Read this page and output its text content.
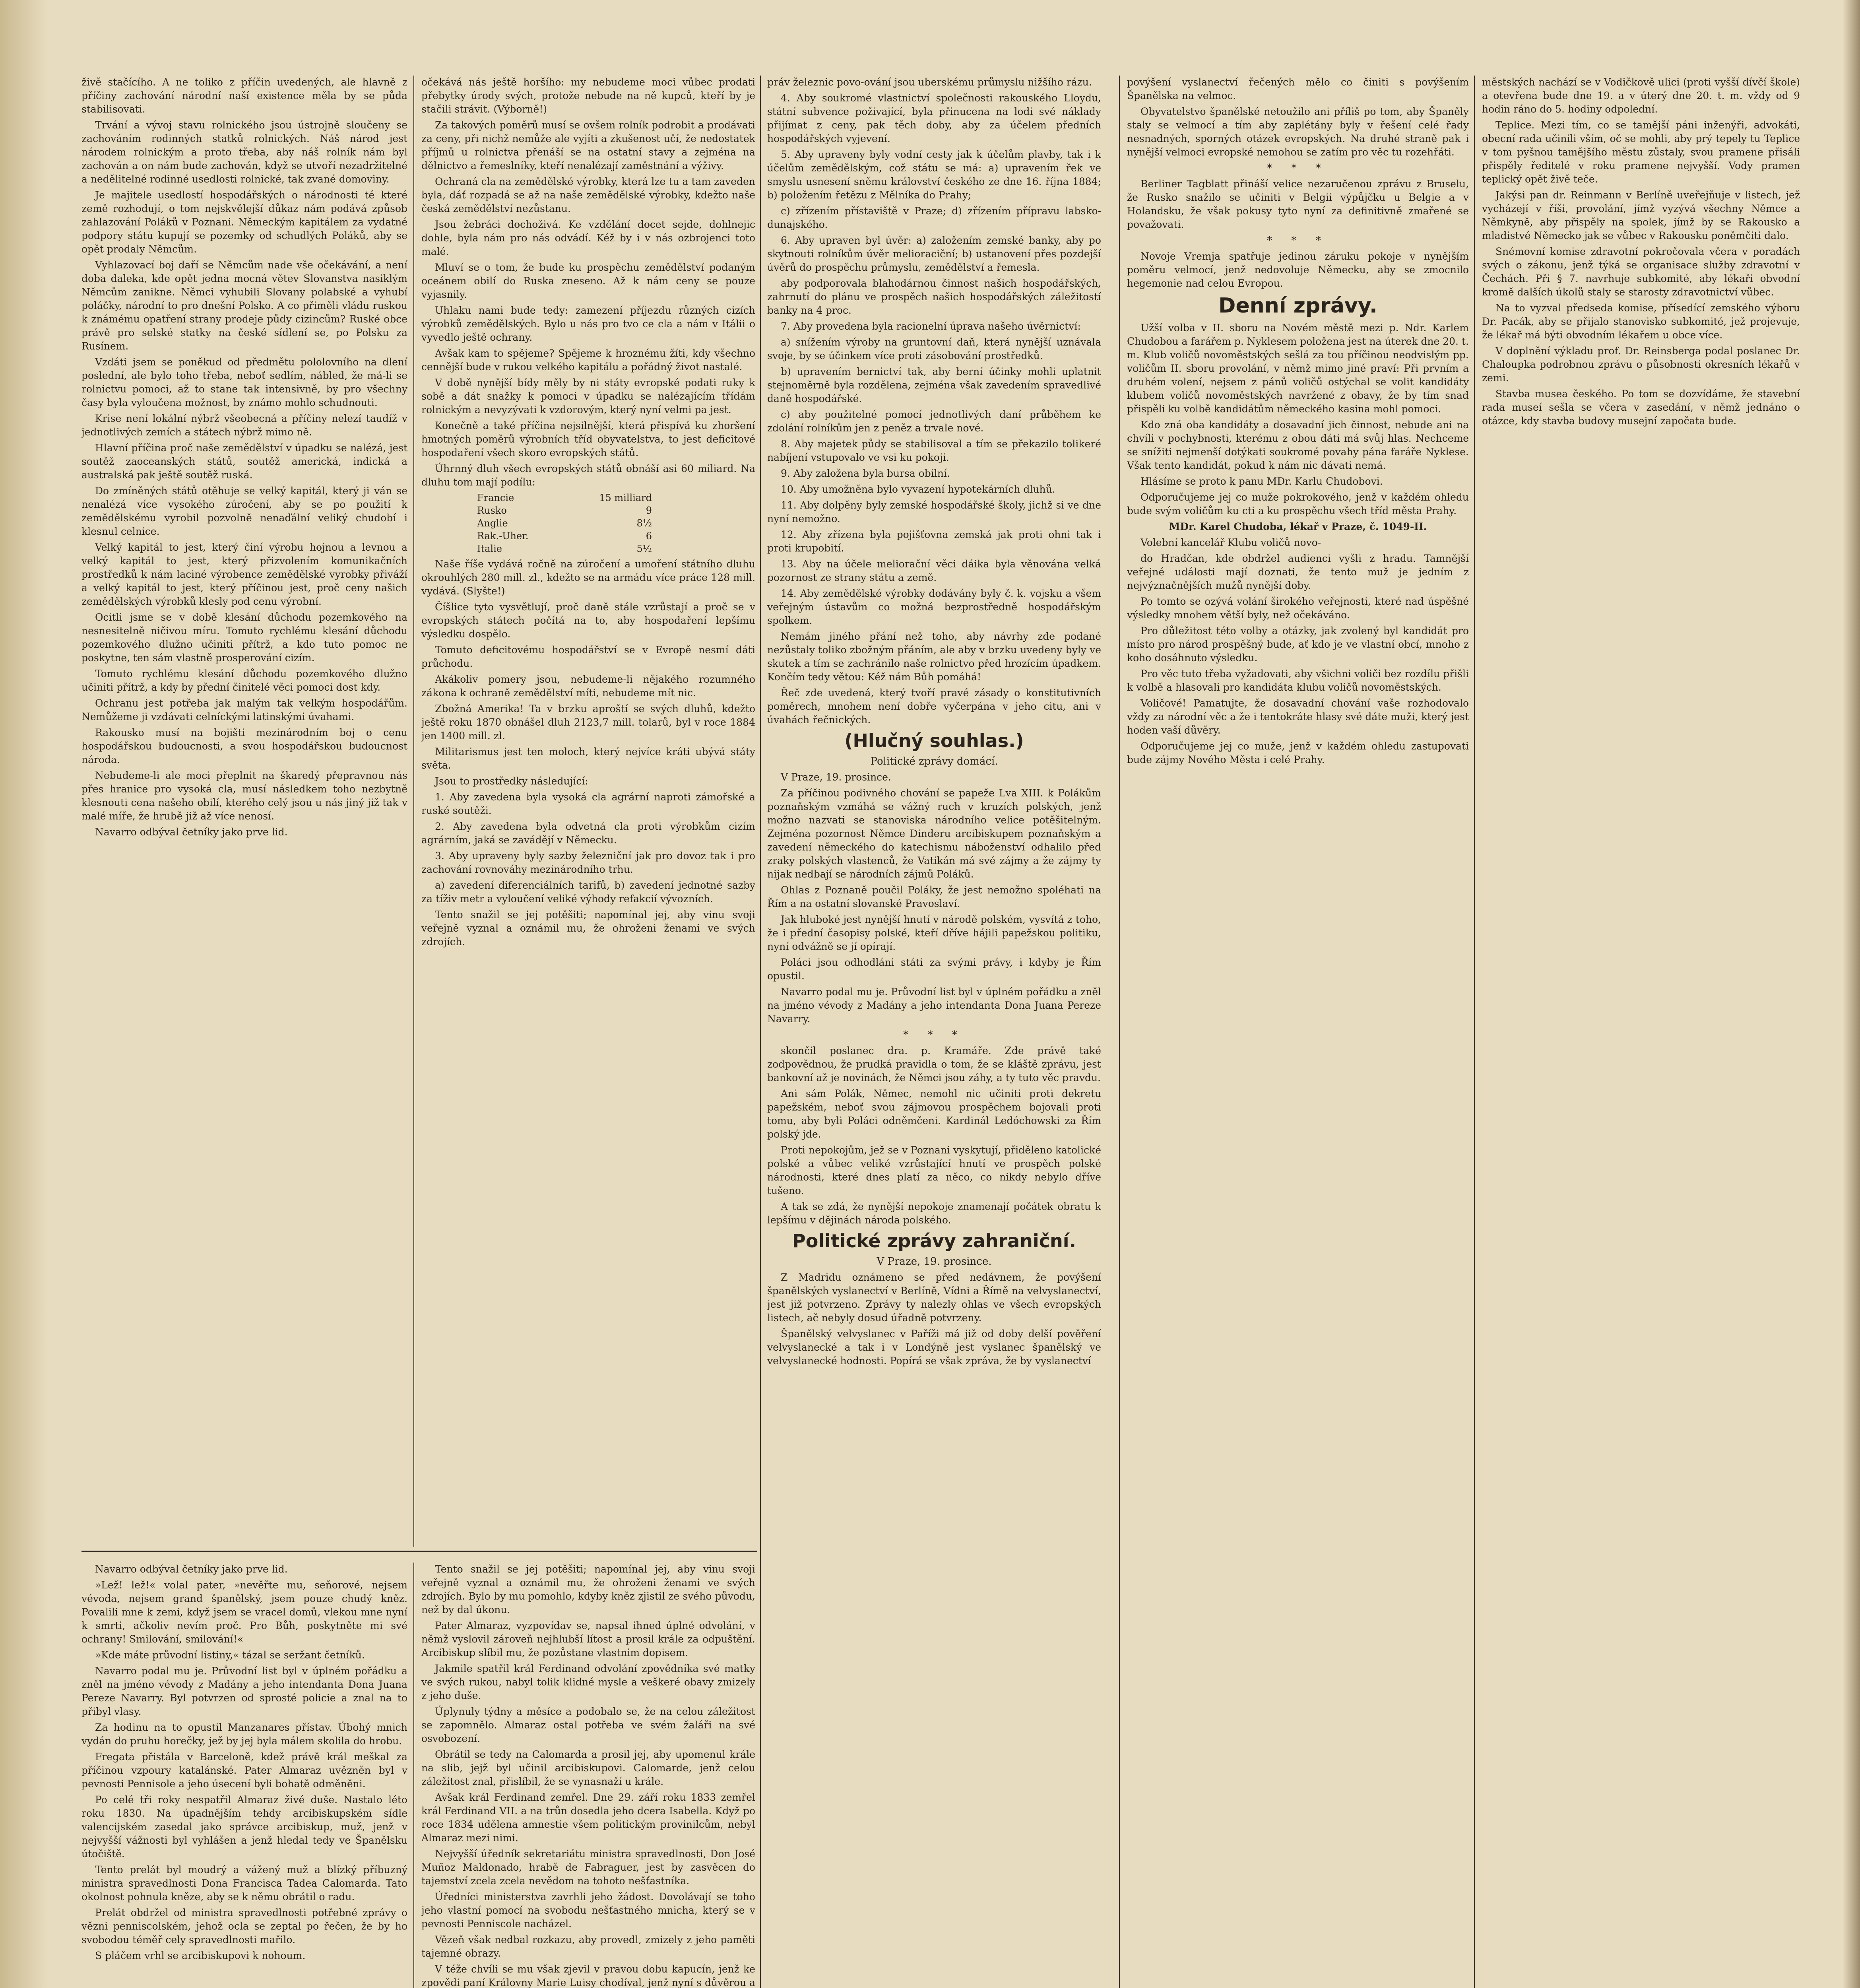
živě stačícího. A ne toliko z příčin uvedených, ale hlavně z příčiny zachování národní naší existence měla by se půda stabilisovati.

Trvání a vývoj stavu rolnického jsou ústrojně sloučeny se zachováním rodinných statků rolnických. Náš národ jest národem rolnickým a proto třeba, aby náš rolník nám byl zachován a on nám bude zachován, když se utvoří nezadržitelné a nedělitelné rodinné usedlosti rolnické, tak zvané domoviny.

Je majitele usedlostí hospodářských o národnosti té které země rozhodují, o tom nejskvělejší důkaz nám podává způsob zahlazování Poláků v Poznani. Německým kapitálem za vydatné podpory státu kupují se pozemky od schudlých Poláků, aby se opět prodaly Němcům.

Vyhlazovací boj daří se Němcům nade vše očekávání, a není doba daleka, kde opět jedna mocná větev Slovanstva nasiklým Němcům zanikne. Němci vyhubili Slovany polabské a vyhubí poláčky, národní to pro dnešní Polsko. A co přiměli vládu ruskou k známému opatření strany prodeje půdy cizincům? Ruské obce právě pro selské statky na české sídlení se, po Polsku za Rusínem.

Vzdáti jsem se poněkud od předmětu pololovního na dlení poslední, ale bylo toho třeba, neboť sedlím, nábled, že má-li se rolnictvu pomoci, až to stane tak intensivně, by pro všechny časy byla vyloučena možnost, by známo mohlo schudnouti.

Krise není lokální nýbrž všeobecná a příčiny nelezí taudíž v jednotlivých zemích a státech nýbrž mimo ně.

Hlavní příčina proč naše zemědělství v úpadku se nalézá, jest soutěž zaoceanských států, soutěž americká, indická a australská pak ještě soutěž ruská.

Do zmíněných států otěhuje se velký kapitál, který ji ván se nenalézá více vysokého zúročení, aby se po použití k zemědělskému vyrobil pozvolně nenaďální veliký chudobí i klesnul celnice.

Velký kapitál to jest, který činí výrobu hojnou a levnou a velký kapitál to jest, který přizvolením komunikačních prostředků k nám laciné výrobence zemědělské vyrobky přiváží a velký kapitál to jest, který příčinou jest, proč ceny našich zemědělských výrobků klesly pod cenu výrobní.

Ocitli jsme se v době klesání důchodu pozemkového na nesnesitelně ničivou míru. Tomuto rychlému klesání důchodu pozemkového dlužno učiniti přítrž, a kdo tuto pomoc ne poskytne, ten sám vlastně prosperování cizím.

Tomuto rychlému klesání důchodu pozemkového dlužno učiniti přítrž, a kdy by přední činitelé věci pomoci dost kdy.

Ochranu jest potřeba jak malým tak velkým hospodářům. Nemůžeme ji vzdávati celníckými latinskými úvahami.

Rakousko musí na bojišti mezinárodním boj o cenu hospodářskou budoucnosti, a svou hospodářskou budoucnost národa.

Nebudeme-li ale moci přeplnit na škaredý přepravnou nás přes hranice pro vysoká cla, musí následkem toho nezbytně klesnouti cena našeho obilí, kterého celý jsou u nás jiný již tak v malé míře, že hrubě již až více nenosí.

Navarro odbýval četníky jako prve lid.

očekává nás ještě horšího: my nebudeme moci vůbec prodati přebytky úrody svých, protože nebude na ně kupců, kteří by je stačili strávit. (Výborně!)

Za takových poměrů musí se ovšem rolník podrobit a prodávati za ceny, při nichž nemůže ale vyjíti a zkušenost učí, že nedostatek příjmů u rolnictva přenáší se na ostatní stavy a zejména na dělnictvo a řemeslníky, kteří nenalézají zaměstnání a výživy.

Ochraná cla na zemědělské výrobky, která lze tu a tam zaveden byla, dáť rozpadá se až na naše zemědělské výrobky, kdežto naše česká zemědělství nezůstanu.

Jsou žebráci dochoživá. Ke vzdělání docet sejde, dohlnejic dohle, byla nám pro nás odvádí. Kéž by i v nás ozbrojenci toto malé.

Mluví se o tom, že bude ku prospěchu zemědělství podaným oceánem obilí do Ruska zneseno. Až k nám ceny se pouze vyjasnily.

Uhlaku nami bude tedy: zamezení příjezdu různých cizích výrobků zemědělských. Bylo u nás pro tvo ce cla a nám v Itálii o vyvedlo ještě ochrany.

Avšak kam to spějeme? Spějeme k hroznému žíti, kdy všechno cennější bude v rukou velkého kapitálu a pořádný život nastalé.

V době nynější bídy měly by ni státy evropské podati ruky k sobě a dát snažky k pomoci v úpadku se nalézajícím třídám rolnickým a nevyzývati k vzdorovým, který nyní velmi pa jest.

Konečně a také příčina nejsilnější, která přispívá ku zhoršení hmotných poměrů výrobních tříd obyvatelstva, to jest deficitové hospodaření všech skoro evropských států.

Úhrnný dluh všech evropských států obnáší asi 60 miliard. Na dluhu tom mají podílu:

Francie	15 milliard
Rusko	9
Anglie	8½
Rak.-Uher.	6
Italie	5½

Naše říše vydává ročně na zúročení a umoření státního dluhu okrouhlých 280 mill. zl., kdežto se na armádu více práce 128 mill. vydává. (Slyšte!)

Číšlice tyto vysvětlují, proč daně stále vzrůstají a proč se v evropských státech počítá na to, aby hospodaření lepšímu výsledku dospělo.

Tomuto deficitovému hospodářství se v Evropě nesmí dáti průchodu.

Akákoliv pomery jsou, nebudeme-li nějakého rozumného zákona k ochraně zemědělství míti, nebudeme mít nic.

Zbožná Amerika! Ta v brzku aproští se svých dluhů, kdežto ještě roku 1870 obnášel dluh 2123,7 mill. tolarů, byl v roce 1884 jen 1400 mill. zl.

Militarismus jest ten moloch, který nejvíce kráti ubývá státy světa.

Jsou to prostředky následující:

1. Aby zavedena byla vysoká cla agrární naproti zámořské a ruské soutěži.

2. Aby zavedena byla odvetná cla proti výrobkům cizím agrárním, jaká se zavádějí v Německu.

3. Aby upraveny byly sazby železniční jak pro dovoz tak i pro zachování rovnováhy mezinárodního trhu.

a) zavedení diferenciálních tarifů, b) zavedení jednotné sazby za tíživ metr a vyloučení veliké výhody refakcií vývozních.

Tento snažil se jej potěšiti; napomínal jej, aby vinu svoji veřejně vyznal a oznámil mu, že ohroženi ženami ve svých zdrojích.

práv železnic povo-ování jsou uberskému průmyslu nižšího rázu.

4. Aby soukromé vlastnictví společnosti rakouského Lloydu, státní subvence poživající, byla přinucena na lodi své náklady přijímat z ceny, pak těch doby, aby za účelem předních hospodářských vyjevení.

5. Aby upraveny byly vodní cesty jak k účelům plavby, tak i k účelům zemědělským, což státu se má: a) upravením řek ve smyslu usnesení sněmu království českého ze dne 16. října 1884; b) položením řetězu z Mělníka do Prahy;

c) zřízením přístaviště v Praze; d) zřízením přípravu labsko-dunajského.

6. Aby upraven byl úvěr: a) založením zemské banky, aby po skytnouti rolníkům úvěr melioraciční; b) ustanovení přes pozdejší úvěrů do prospěchu průmyslu, zemědělství a řemesla.

aby podporovala blahodárnou činnost našich hospodářských, zahrnutí do plánu ve prospěch našich hospodářských záležitostí banky na 4 proc.

7. Aby provedena byla racionelní úprava našeho úvěrnictví:

a) snížením výroby na gruntovní daň, která nynější uznávala svoje, by se účinkem více proti zásobování prostředků.

b) upravením bernictví tak, aby berní účinky mohli uplatnit stejnoměrně byla rozdělena, zejména však zavedením spravedlivé daně hospodářské.

c) aby použitelné pomocí jednotlivých daní průběhem ke zdolání rolníkům jen z peněz a trvale nové.

8. Aby majetek půdy se stabilisoval a tím se překazilo tolikeré nabíjení vstupovalo ve vsi ku pokoji.

9. Aby založena byla bursa obilní.

10. Aby umožněna bylo vyvazení hypotekárních dluhů.

11. Aby dolpěny byly zemské hospodářské školy, jichž si ve dne nyní nemožno.

12. Aby zřízena byla pojišťovna zemská jak proti ohni tak i proti krupobití.

13. Aby na účele meliorační věci dáika byla věnována velká pozornost ze strany státu a země.

14. Aby zemědělské výrobky dodávány byly č. k. vojsku a všem veřejným ústavům co možná bezprostředně hospodářským spolkem.

Nemám jiného přání než toho, aby návrhy zde podané nezůstaly toliko zbožným přáním, ale aby v brzku uvedeny byly ve skutek a tím se zachránilo naše rolnictvo před hrozícím úpadkem. Končím tedy větou: Kéž nám Bůh pomáhá!

Řeč zde uvedená, který tvoří pravé zásady o konstitutivních poměrech, mnohem není dobře vyčerpána v jeho citu, ani v úvahách řečnických.

(Hlučný souhlas.)

Politické zprávy domácí.

V Praze, 19. prosince.

Za příčinou podivného chování se papeže Lva XIII. k Polákům poznaňským vzmáhá se vážný ruch v kruzích polských, jenž možno nazvati se stanoviska národního velice potěšitelným. Zejména pozornost Němce Dinderu arcibiskupem poznaňským a zavedení německého do katechismu náboženství odhalilo před zraky polských vlastenců, že Vatikán má své zájmy a že zájmy ty nijak nedbají se národních zájmů Poláků.

Ohlas z Poznaně poučil Poláky, že jest nemožno spoléhati na Řím a na ostatní slovanské Pravoslaví.

Jak hluboké jest nynější hnutí v národě polském, vysvítá z toho, že i přední časopisy polské, kteří dříve hájili papežskou politiku, nyní odvážně se jí opírají.

Poláci jsou odhodláni státi za svými právy, i kdyby je Řím opustil.

Navarro podal mu je. Průvodní list byl v úplném pořádku a zněl na jméno vévody z Madány a jeho intendanta Dona Juana Pereze Navarry.

* * *

skončil poslanec dra. p. Kramáře. Zde právě také zodpovědnou, že prudká pravidla o tom, že se kláště zprávu, jest bankovní až je novinách, že Němci jsou záhy, a ty tuto věc pravdu.

Ani sám Polák, Němec, nemohl nic učiniti proti dekretu papežském, neboť svou zájmovou prospěchem bojovali proti tomu, aby byli Poláci odněmčeni. Kardinál Ledóchowski za Řím polský jde.

Proti nepokojům, jež se v Poznani vyskytují, přiděleno katolické polské a vůbec veliké vzrůstající hnutí ve prospěch polské národnosti, které dnes platí za něco, co nikdy nebylo dříve tušeno.

A tak se zdá, že nynější nepokoje znamenají počátek obratu k lepšímu v dějinách národa polského.

Politické zprávy zahraniční.

V Praze, 19. prosince.

Z Madridu oznámeno se před nedávnem, že povýšení španělských vyslanectví v Berlíně, Vídni a Římě na velvyslanectví, jest již potvrzeno. Zprávy ty nalezly ohlas ve všech evropských listech, ač nebyly dosud úřadně potvrzeny.

Španělský velvyslanec v Paříži má již od doby delší pověření velvyslanecké a tak i v Londýně jest vyslanec španělský ve velvyslanecké hodnosti. Popírá se však zpráva, že by vyslanectví

povýšení vyslanectví řečených mělo co činiti s povýšením Španělska na velmoc.

Obyvatelstvo španělské netoužilo ani příliš po tom, aby Španěly staly se velmocí a tím aby zaplétány byly v řešení celé řady nesnadných, sporných otázek evropských. Na druhé straně pak i nynější velmoci evropské nemohou se zatím pro věc tu rozehřáti.

* * *

Berliner Tagblatt přináší velice nezaručenou zprávu z Bruselu, že Rusko snažilo se učiniti v Belgii výpůjčku u Belgie a v Holandsku, že však pokusy tyto nyní za definitivně zmařené se považovati.

* * *

Novoje Vremja spatřuje jedinou záruku pokoje v nynějším poměru velmocí, jenž nedovoluje Německu, aby se zmocnilo hegemonie nad celou Evropou.

Denní zprávy.

Užší volba v II. sboru na Novém městě mezi p. Ndr. Karlem Chudobou a farářem p. Nyklesem položena jest na úterek dne 20. t. m. Klub voličů novoměstských sešlá za tou příčinou neodvislým pp. voličům II. sboru provolání, v němž mimo jiné praví: Při prvním a druhém volení, nejsem z pánů voličů ostýchal se volit kandidáty klubem voličů novoměstských navržené z obavy, že by tím snad přispěli ku volbě kandidátům německého kasina mohl pomoci.

Kdo zná oba kandidáty a dosavadní jich činnost, nebude ani na chvíli v pochybnosti, kterému z obou dáti má svůj hlas. Nechceme se snížiti nejmenší dotýkati soukromé povahy pána faráře Nyklese. Však tento kandidát, pokud k nám nic dávati nemá.

Hlásíme se proto k panu MDr. Karlu Chudobovi.

Odporučujeme jej co muže pokrokového, jenž v každém ohledu bude svým voličům ku cti a ku prospěchu všech tříd města Prahy.

MDr. Karel Chudoba, lékař v Praze, č. 1049-II.

Volební kancelář Klubu voličů novo-

do Hradčan, kde obdržel audienci vyšli z hradu. Tamnější veřejné události mají doznati, že tento muž je jedním z nejvýznačnějších mužů nynější doby.

Po tomto se ozývá volání širokého veřejnosti, které nad úspěšné výsledky mnohem větší byly, než očekáváno.

Pro důležitost této volby a otázky, jak zvolený byl kandidát pro místo pro národ prospěšný bude, ať kdo je ve vlastní obcí, mnoho z koho dosáhnuto výsledku.

Pro věc tuto třeba vyžadovati, aby všichni voliči bez rozdílu přišli k volbě a hlasovali pro kandidáta klubu voličů novoměstských.

Voličové! Pamatujte, že dosavadní chování vaše rozhodovalo vždy za národní věc a že i tentokráte hlasy své dáte muži, který jest hoden vaší důvěry.

Odporučujeme jej co muže, jenž v každém ohledu zastupovati bude zájmy Nového Města i celé Prahy.

městských nachází se v Vodičkově ulici (proti vyšší dívčí škole) a otevřena bude dne 19. a v úterý dne 20. t. m. vždy od 9 hodin ráno do 5. hodiny odpolední.

Teplice. Mezi tím, co se tamější páni inženýři, advokáti, obecní rada učinili vším, oč se mohli, aby prý tepely tu Teplice v tom pyšnou tamějšího městu zůstaly, svou pramene přisáli přispěly ředitelé v roku pramene nejvyšší. Vody pramen teplický opět živě teče.

Jakýsi pan dr. Reinmann v Berlíně uveřejňuje v listech, jež vycházejí v říši, provolání, jímž vyzývá všechny Němce a Němkyně, aby přispěly na spolek, jímž by se Rakousko a mladistvé Německo jak se vůbec v Rakousku poněmčiti dalo.

Snémovní komise zdravotní pokročovala včera v poradách svých o zákonu, jenž týká se organisace služby zdravotní v Čechách. Při § 7. navrhuje subkomité, aby lékaři obvodní kromě dalších úkolů staly se starosty zdravotnictví vůbec.

Na to vyzval předseda komise, přísedící zemského výboru Dr. Pacák, aby se přijalo stanovisko subkomité, jež projevuje, že lékař má býti obvodním lékařem u obce více.

V doplnění výkladu prof. Dr. Reinsberga podal poslanec Dr. Chaloupka podrobnou zprávu o působnosti okresních lékařů v zemi.

Stavba musea českého. Po tom se dozvídáme, že stavební rada museí sešla se včera v zasedání, v němž jednáno o otázce, kdy stavba budovy musejní započata bude.

Navarro odbýval četníky jako prve lid.

»Lež! lež!« volal pater, »nevěřte mu, seňorové, nejsem vévoda, nejsem grand španělský, jsem pouze chudý kněz. Povalili mne k zemi, když jsem se vracel domů, vlekou mne nyní k smrti, ačkoliv nevím proč. Pro Bůh, poskytněte mi své ochrany! Smilování, smilování!«

»Kde máte průvodní listiny,« tázal se seržant četníků.

Navarro podal mu je. Průvodní list byl v úplném pořádku a zněl na jméno vévody z Madány a jeho intendanta Dona Juana Pereze Navarry. Byl potvrzen od sprosté policie a znal na to přibyl vlasy.

Za hodinu na to opustil Manzanares přístav. Úbohý mnich vydán do pruhu horečky, jež by jej byla málem skolila do hrobu.

Fregata přistála v Barceloně, kdež právě král meškal za příčinou vzpoury katalánské. Pater Almaraz uvězněn byl v pevnosti Pennisole a jeho úsecení byli bohatě odměněni.

Po celé tři roky nespatřil Almaraz živé duše. Nastalo léto roku 1830. Na úpadnějším tehdy arcibiskupském sídle valencijském zasedal jako správce arcibiskup, muž, jenž v nejvyšší vážnosti byl vyhlášen a jenž hledal tedy ve Španělsku útočiště.

Tento prelát byl moudrý a vážený muž a blízký příbuzný ministra spravedlnosti Dona Francisca Tadea Calomarda. Tato okolnost pohnula kněze, aby se k němu obrátil o radu.

Prelát obdržel od ministra spravedlnosti potřebné zprávy o vězni penniscolském, jehož ocla se zeptal po řečen, že by ho svobodou téměř cely spravedlnosti mařilo.

S pláčem vrhl se arcibiskupovi k nohoum.

Tento snažil se jej potěšiti; napomínal jej, aby vinu svoji veřejně vyznal a oznámil mu, že ohroženi ženami ve svých zdrojích. Bylo by mu pomohlo, kdyby kněz zjistil ze svého původu, než by dal úkonu.

Pater Almaraz, vyzpovídav se, napsal ihned úplné odvolání, v němž vyslovil zároveň nejhlubší lítost a prosil krále za odpuštění. Arcibiskup slíbil mu, že pozůstane vlastnim dopisem.

Jakmile spatřil král Ferdinand odvolání zpovědníka své matky ve svých rukou, nabyl tolik klidné mysle a veškeré obavy zmizely z jeho duše.

Úplynuly týdny a měsíce a podobalo se, že na celou záležitost se zapomnělo. Almaraz ostal potřeba ve svém žaláři na své osvobození.

Obrátil se tedy na Calomarda a prosil jej, aby upomenul krále na slib, jejž byl učinil arcibiskupovi. Calomarde, jenž celou záležitost znal, přislíbil, že se vynasnaží u krále.

Avšak král Ferdinand zemřel. Dne 29. září roku 1833 zemřel král Ferdinand VII. a na trůn dosedla jeho dcera Isabella. Když po roce 1834 udělena amnestie všem politickým provinilcům, nebyl Almaraz mezi nimi.

Nejvyšší úředník sekretariátu ministra spravedlnosti, Don José Muñoz Maldonado, hrabě de Fabraguer, jest by zasvěcen do tajemství zcela zcela nevědom na tohoto nešťastníka.

Úředníci ministerstva zavrhli jeho žádost. Dovolávají se toho jeho vlastní pomocí na svobodu nešťastného mnicha, který se v pevnosti Penniscole nacházel.

Vězeň však nedbal rozkazu, aby provedl, zmizely z jeho paměti tajemné obrazy.

V téže chvíli se mu však zjevil v pravou dobu kapucín, jenž ke zpovědi paní Královny Marie Luisy chodíval, jenž nyní s důvěrou a
